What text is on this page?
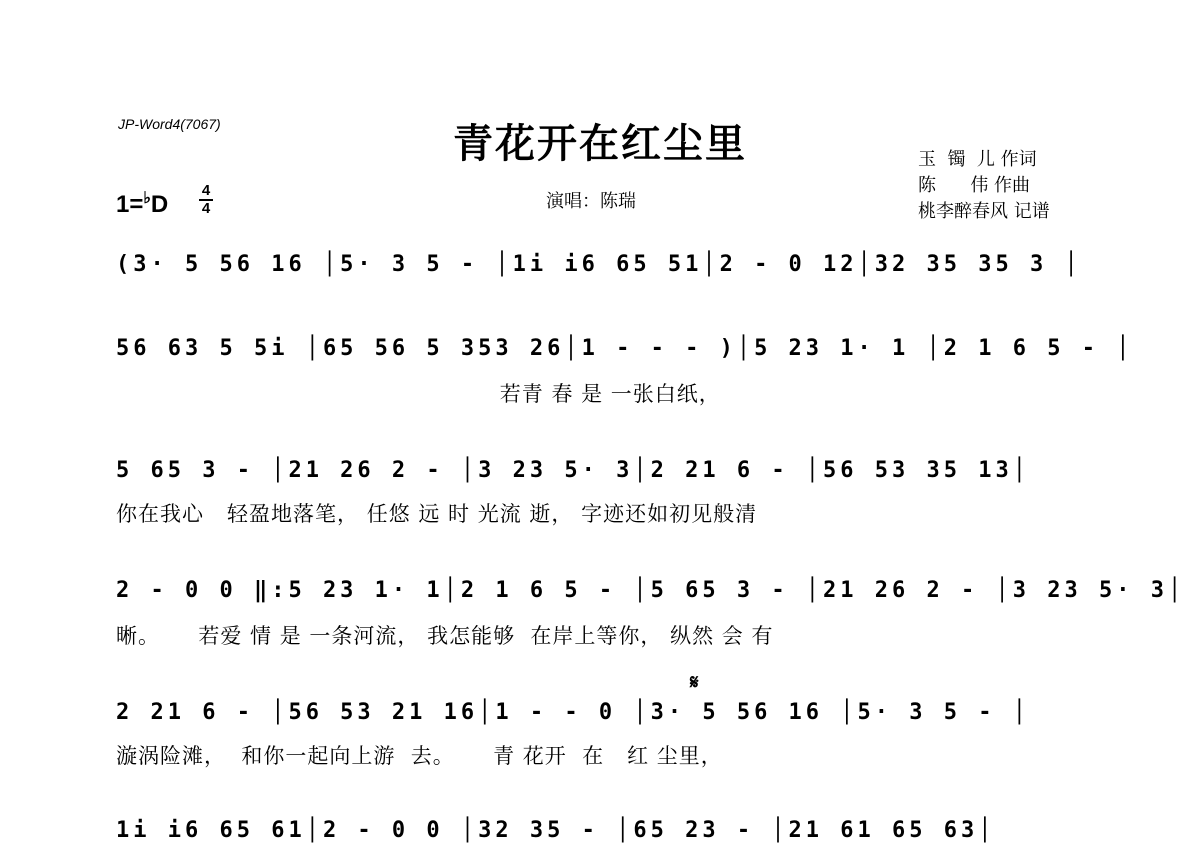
JP-Word4(7067)	青花开在红尘里
演唱：陈瑞
玉  镯  儿 作词
陈      伟 作曲
桃李醉春风 记谱
1=♭D
4
4
(3· 5 56 16 │5· 3 5 - │1i i6 65 51│2 - 0 12│32 35 35 3 │
56 63 5 5i │65 56 5 353 26│1 - - - )│5 23 1· 1 │2 1 6 5 - │
若青 春 是 一张白纸，
5 65 3 - │21 26 2 - │3 23 5· 3│2 21 6 - │56 53 35 13│
你在我心   轻盈地落笔， 任悠 远 时 光流 逝， 字迹还如初见般清
2 - 0 0 ‖:5 23 1· 1│2 1 6 5 - │5 65 3 - │21 26 2 - │3 23 5· 3│
晰。     若爱 情 是 一条河流， 我怎能够  在岸上等你， 纵然 会 有
𝄋
2 21 6 - │56 53 21 16│1 - - 0 │3· 5 56 16 │5· 3 5 - │
漩涡险滩，  和你一起向上游  去。     青 花开  在   红 尘里，
1i i6 65 61│2 - 0 0 │32 35 - │65 23 - │21 61 65 63│
